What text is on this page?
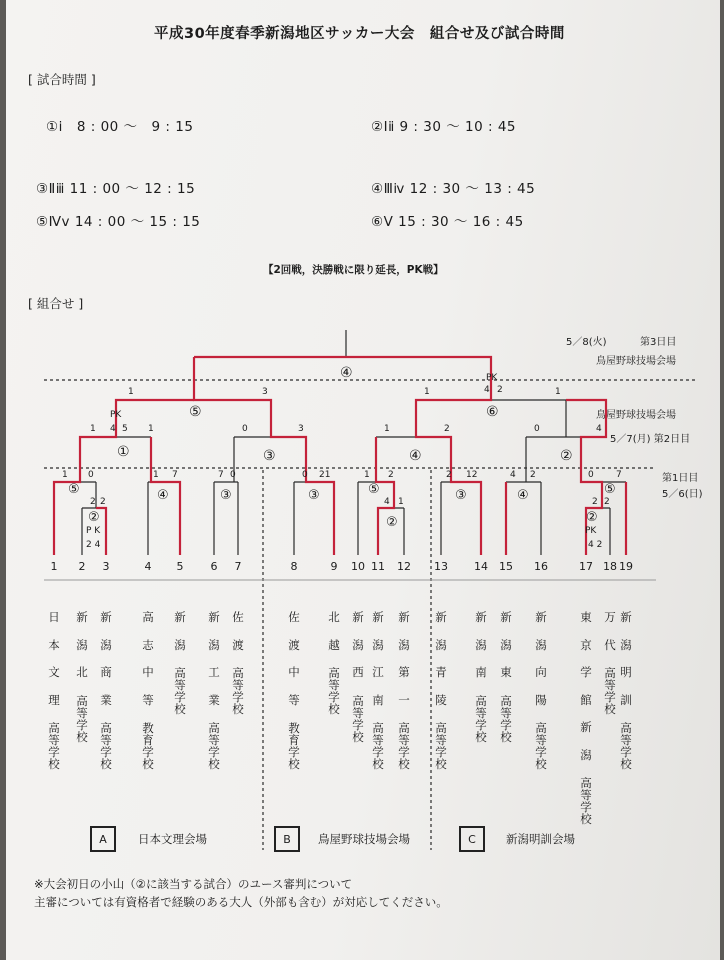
平成30年度春季新潟地区サッカー大会　組合せ及び試合時間
[ 試合時間 ]
①ⅰ　8 : 00 〜　9 : 15	②Ⅰⅱ 9 : 30 〜 10 : 45
③Ⅱⅲ 11 : 00 〜 12 : 15	④Ⅲⅳ 12 : 30 〜 13 : 45
⑤Ⅳⅴ 14 : 00 〜 15 : 15	⑥Ⅴ 15 : 30 〜 16 : 45
【2回戦，決勝戦に限り延長，PK戦】
[ 組合せ ]
5／8(火)	第3日目
鳥屋野球技場会場
鳥屋野球技場会場
5／7(月) 第2日目
第1日目
5／6(日)
④
⑤	⑥
①	③	④	②
⑤
②
④	③	③	⑤
②
③	④	⑤
②
PK
4 2
1	3	1	1
PK
4 5
1	1	0	3	1	2	0	4
1 0
2 2
1 7	7 0	0 21	1 2
4 1
2 12	4 2	0 7
2 2
P K
2 4
PK
4 2
1	2	3	4	5	6	7	8	9	10 11	12	13	14	15	16	17 18 19
日
本
文
理
高等学校
新
潟
北
高等学校
新
潟
商
業
高等学校
高
志
中
等
教育学校
新
潟
高等学校
新
潟
工
業
高等学校
佐
渡
高等学校
佐
渡
中
等
教育学校
北
越
高等学校
新
潟
西
高等学校
新
潟
江
南
高等学校
新
潟
第
一
高等学校
新
潟
青
陵
高等学校
新
潟
南
高等学校
新
潟
東
高等学校
新
潟
向
陽
高等学校
東
京
学
館
新
潟
高等学校
万
代
高等学校
新
潟
明
訓
高等学校
A	日本文理会場	B	鳥屋野球技場会場	C	新潟明訓会場
※大会初日の小山（②に該当する試合）のユース審判について
主審については有資格者で経験のある大人（外部も含む）が対応してください。
